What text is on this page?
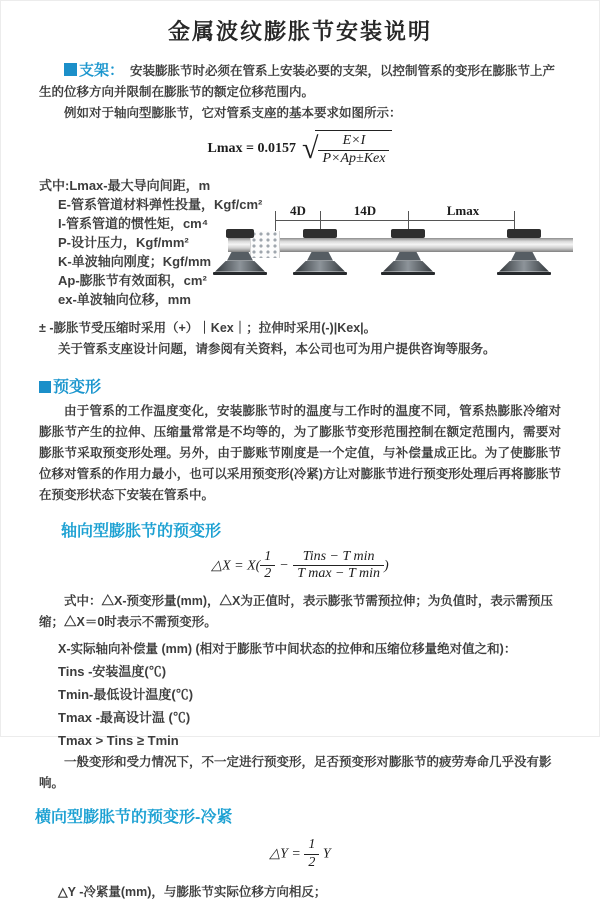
金属波纹膨胀节安装说明

支架： 安装膨胀节时必须在管系上安装必要的支架，以控制管系的变形在膨胀节上产生的位移方向并限制在膨胀节的额定位移范围内。

例如对于轴向型膨胀节，它对管系支座的基本要求如图所示：

Lmax = 0.0157 √ $\frac{E\times I}{\text{P×Ap±Kex}}$
式中:Lmax-最大导向间距，m
E-管系管道材料弹性投量，Kgf/cm²
I-管系管道的惯性矩，cm⁴
P-设计压力，Kgf/mm²
K-单波轴向刚度；Kgf/mm
Ap-膨胀节有效面积，cm²
ex-单波轴向位移，mm
4D	14D	Lmax

± -膨胀节受压缩时采用（+）｜Kex｜；拉伸时采用(-)|Kex|。

关于管系支座设计问题，请参阅有关资料，本公司也可为用户提供咨询等服务。

预变形

由于管系的工作温度变化，安装膨胀节时的温度与工作时的温度不同，管系热膨胀冷缩对膨胀节产生的拉伸、压缩量常常是不均等的，为了膨胀节变形范围控制在额定范围内，需要对膨胀节采取预变形处理。另外，由于膨账节刚度是一个定值，与补偿量成正比。为了使膨胀节位移对管系的作用力最小，也可以采用预变形(冷紧)方让对膨胀节进行预变形处理后再将膨胀节在预变形状态下安装在管系中。

轴向型膨胀节的预变形
△X = $X( \frac{1}{2} - \frac{\text{Tins − T min}}{\text{T max − T min}}$ )

式中：△X-预变形量(mm)，△X为正值时，表示膨张节需预拉伸；为负值时，表示需预压缩；△X＝0时表示不需预变形。

X-实际轴向补偿量 (mm) (相对于膨胀节中间状态的拉伸和压缩位移量绝对值之和)：

Tins -安装温度(℃)
Tmin-最低设计温度(℃)
Tmax -最高设计温 (℃)
Tmax > Tins ≥ Tmin

一般变形和受力情况下，不一定进行预变形，足否预变形对膨胀节的疲劳寿命几乎没有影响。

横向型膨胀节的预变形-冷紧
△Y = $\frac{1}{2}$ Y

△Y -冷紧量(mm)，与膨胀节实际位移方向相反；
